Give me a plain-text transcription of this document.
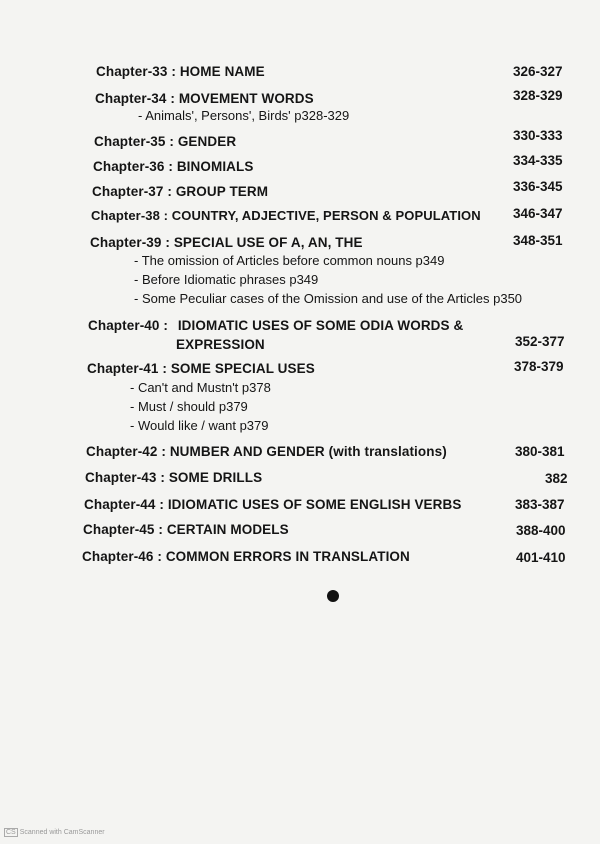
Chapter-33 : HOME NAME	326-327
Chapter-34 : MOVEMENT WORDS	328-329
- Animals', Persons', Birds' p328-329
Chapter-35 : GENDER	330-333
Chapter-36 : BINOMIALS	334-335
Chapter-37 : GROUP TERM	336-345
Chapter-38 : COUNTRY, ADJECTIVE, PERSON & POPULATION 346-347
Chapter-39 : SPECIAL USE OF A, AN, THE	348-351
- The omission of Articles before common nouns p349
- Before Idiomatic phrases p349
- Some Peculiar cases of the Omission and use of the Articles p350
Chapter-40 : IDIOMATIC USES OF SOME ODIA WORDS &
EXPRESSION	352-377
Chapter-41 : SOME SPECIAL USES	378-379
- Can't and Mustn't p378
- Must / should p379
- Would like / want p379
Chapter-42 : NUMBER AND GENDER (with translations)	380-381
Chapter-43 : SOME DRILLS	382
Chapter-44 : IDIOMATIC USES OF SOME ENGLISH VERBS	383-387
Chapter-45 : CERTAIN MODELS	388-400
Chapter-46 : COMMON ERRORS IN TRANSLATION	401-410
CS Scanned with CamScanner
